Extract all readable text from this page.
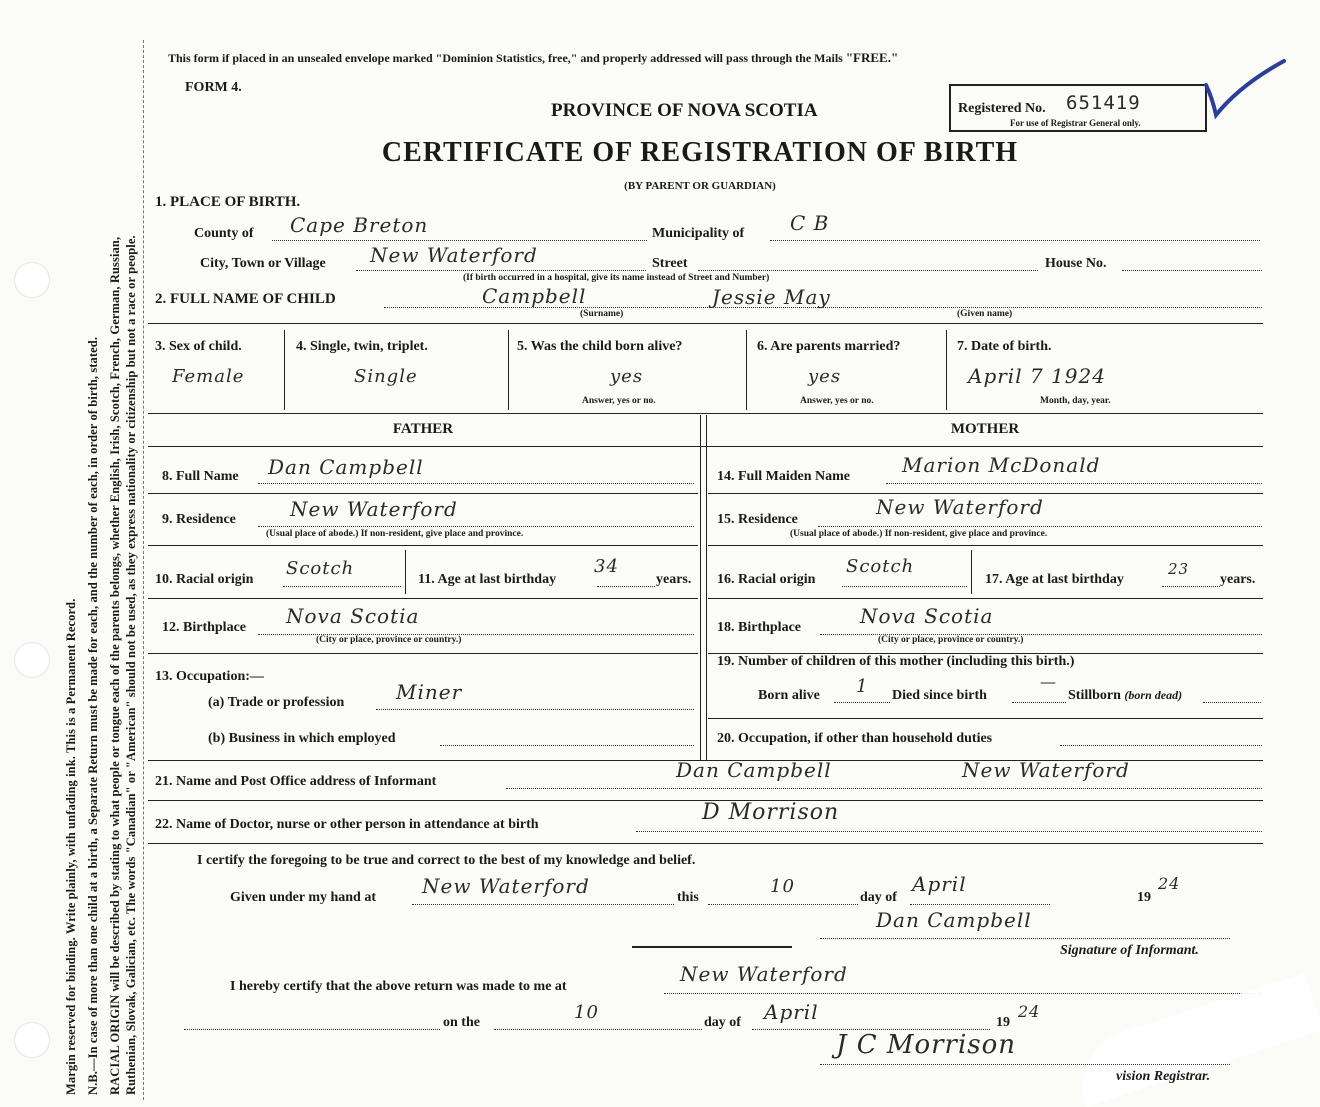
Margin reserved for binding. Write plainly, with unfading ink. This is a Permanent Record. N.B.—In case of more than one child at a birth, a Separate Return must be made for each, and the number of each, in order of birth, stated. RACIAL ORIGIN will be described by stating to what people or tongue each of the parents belongs, whether English, Irish, Scotch, French, German, Russian, Ruthenian, Slovak, Galician, etc. The words "Canadian" or "American" should not be used, as they express nationality or citizenship but not a race or people.
This form if placed in an unsealed envelope marked "Dominion Statistics, free," and properly addressed will pass through the Mails "FREE."
FORM 4.
PROVINCE OF NOVA SCOTIA	Registered No. 651419
For use of Registrar General only.
CERTIFICATE OF REGISTRATION OF BIRTH
(BY PARENT OR GUARDIAN)
1. PLACE OF BIRTH.
County of Cape Breton	Municipality of C B
City, Town or Village New Waterford	Street	House No.
(If birth occurred in a hospital, give its name instead of Street and Number)
2. FULL NAME OF CHILD	Campbell	Jessie May
(Surname)	(Given name)
3. Sex of child.
Female
4. Single, twin, triplet.
Single
5. Was the child born alive?
yes
Answer, yes or no.
6. Are parents married?
yes
Answer, yes or no.
7. Date of birth.
April 7 1924
Month, day, year.
FATHER	MOTHER
8. Full Name Dan Campbell
9. Residence	New Waterford
(Usual place of abode.) If non-resident, give place and province.
10. Racial origin
Scotch
11. Age at last birthday
34
years.
12. Birthplace Nova Scotia
(City or place, province or country.)
13. Occupation:—
(a) Trade or profession	Miner
(b) Business in which employed
14. Full Maiden Name	Marion McDonald
15. Residence
New Waterford
(Usual place of abode.) If non-resident, give place and province.
16. Racial origin
Scotch
17. Age at last birthday
23
years.
18. Birthplace	Nova Scotia
(City or place, province or country.)
19. Number of children of this mother (including this birth.)
Born alive 1 Died since birth
—
Stillborn (born dead)
20. Occupation, if other than household duties
21. Name and Post Office address of Informant	Dan Campbell	New Waterford
22. Name of Doctor, nurse or other person in attendance at birth	D Morrison
I certify the foregoing to be true and correct to the best of my knowledge and belief.
Given under my hand at New Waterford	this
10
day of
April
19
24
Dan Campbell
Signature of Informant.
I hereby certify that the above return was made to me at
New Waterford
on the	10	day of April	19
24
J C Morrison
vision Registrar.
